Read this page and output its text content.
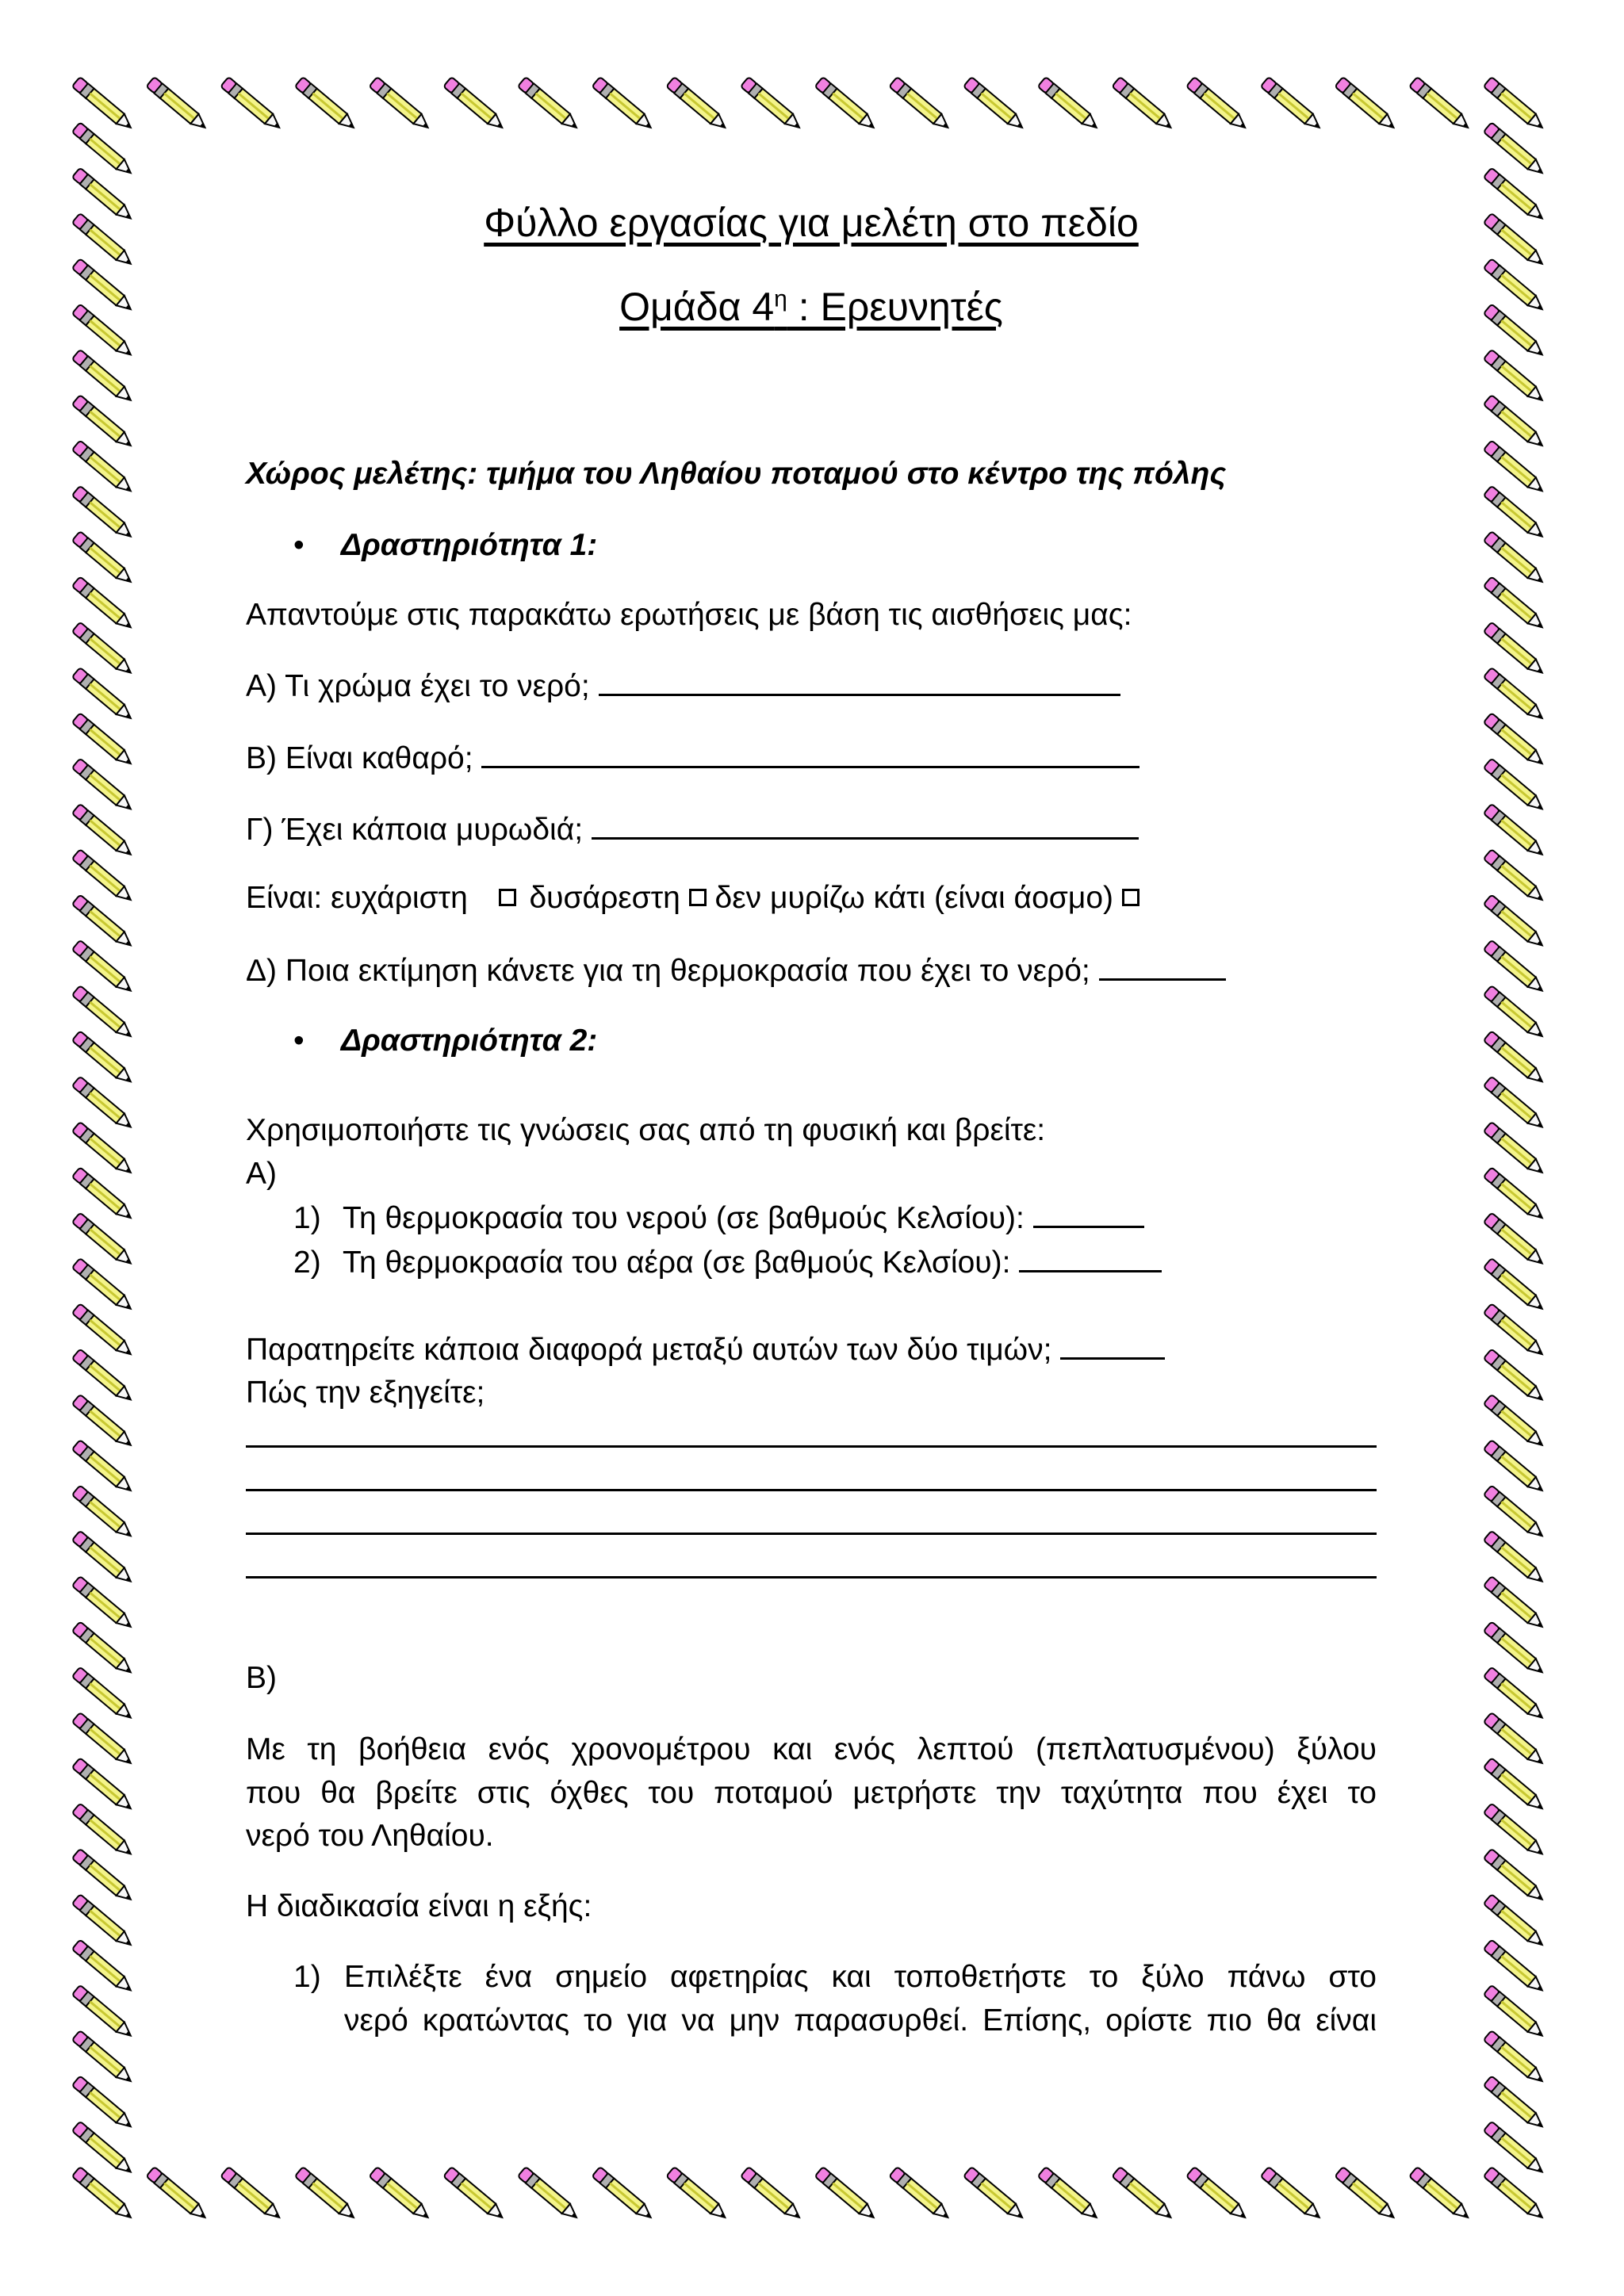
Φύλλο εργασίας για μελέτη στο πεδίο
Ομάδα $4^\eta$ : Ερευνητές
Χώρος μελέτης: τμήμα του Ληθαίου ποταμού στο κέντρο της πόλης
• Δραστηριότητα 1:
Απαντούμε στις παρακάτω ερωτήσεις με βάση τις αισθήσεις μας:
Α) Τι χρώμα έχει το νερό;
Β) Είναι καθαρό;
Γ) Έχει κάποια μυρωδιά;
Είναι: ευχάριστη δυσάρεστη δεν μυρίζω κάτι (είναι άοσμο)
Δ) Ποια εκτίμηση κάνετε για τη θερμοκρασία που έχει το νερό;
• Δραστηριότητα 2:
Χρησιμοποιήστε τις γνώσεις σας από τη φυσική και βρείτε:
Α)
1) Τη θερμοκρασία του νερού (σε βαθμούς Κελσίου):
2) Τη θερμοκρασία του αέρα (σε βαθμούς Κελσίου):
Παρατηρείτε κάποια διαφορά μεταξύ αυτών των δύο τιμών;
Πώς την εξηγείτε;
Β)
Με τη βοήθεια ενός χρονομέτρου και ενός λεπτού (πεπλατυσμένου) ξύλου
που θα βρείτε στις όχθες του ποταμού μετρήστε την ταχύτητα που έχει το
νερό του Ληθαίου.
Η διαδικασία είναι η εξής:
1) Επιλέξτε ένα σημείο αφετηρίας και τοποθετήστε το ξύλο πάνω στο
νερό κρατώντας το για να μην παρασυρθεί. Επίσης, ορίστε πιο θα είναι
